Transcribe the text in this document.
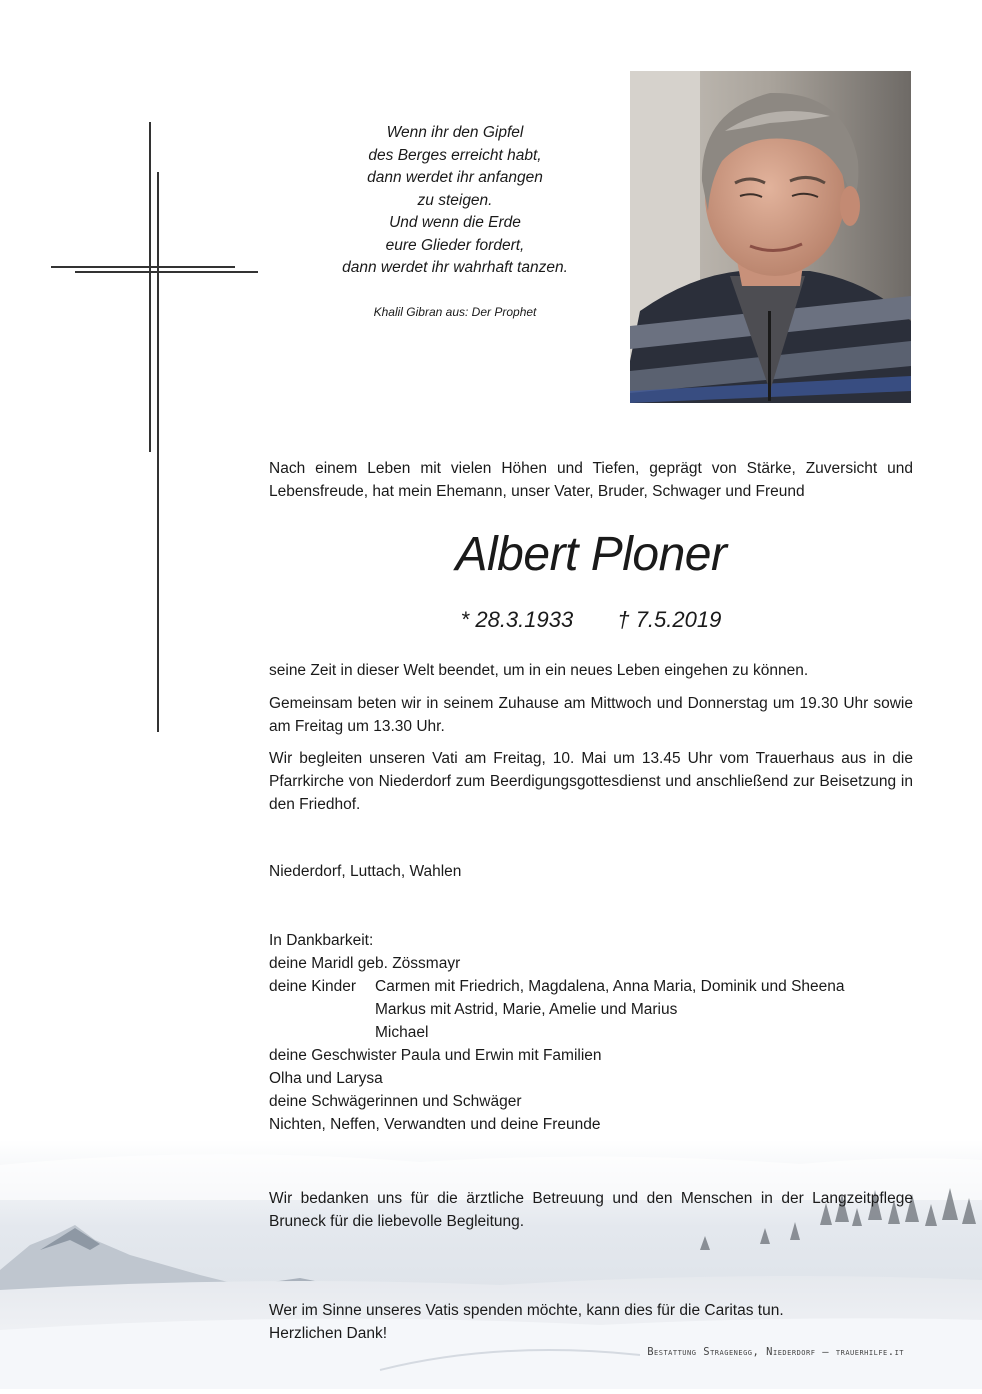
Wenn ihr den Gipfel
des Berges erreicht habt,
dann werdet ihr anfangen
zu steigen.
Und wenn die Erde
eure Glieder fordert,
dann werdet ihr wahrhaft tanzen.
Khalil Gibran aus: Der Prophet
Nach einem Leben mit vielen Höhen und Tiefen, geprägt von Stärke, Zuversicht und Lebensfreude, hat mein Ehemann, unser Vater, Bruder, Schwager und Freund
Albert Ploner
* 28.3.1933 † 7.5.2019
seine Zeit in dieser Welt beendet, um in ein neues Leben eingehen zu können.
Gemeinsam beten wir in seinem Zuhause am Mittwoch und Donnerstag um 19.30 Uhr sowie am Freitag um 13.30 Uhr.
Wir begleiten unseren Vati am Freitag, 10. Mai um 13.45 Uhr vom Trauerhaus aus in die Pfarrkirche von Niederdorf zum Beerdigungsgottesdienst und anschließend zur Beisetzung in den Friedhof.
Niederdorf, Luttach, Wahlen
In Dankbarkeit:
deine Maridl geb. Zössmayr
deine Kinder Carmen mit Friedrich, Magdalena, Anna Maria, Dominik und Sheena
Markus mit Astrid, Marie, Amelie und Marius
Michael
deine Geschwister Paula und Erwin mit Familien
Olha und Larysa
deine Schwägerinnen und Schwäger
Nichten, Neffen, Verwandten und deine Freunde
Wir bedanken uns für die ärztliche Betreuung und den Menschen in der Langzeitpflege Bruneck für die liebevolle Begleitung.
Wer im Sinne unseres Vatis spenden möchte, kann dies für die Caritas tun.
Herzlichen Dank!
Bestattung Stragenegg, Niederdorf – trauerhilfe.it
